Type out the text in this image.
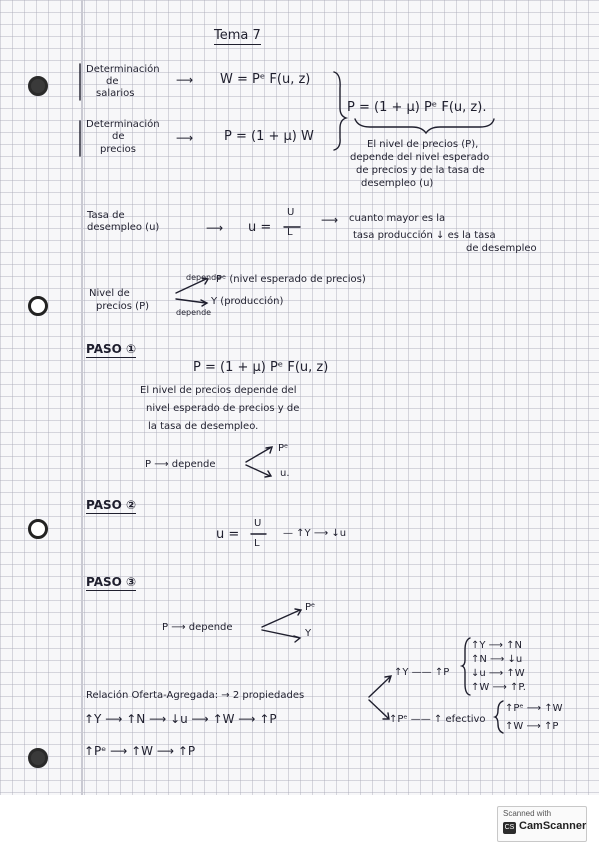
Tema 7
Determinación
de
salarios
⟶ W = Pᵉ F(u, z)
Determinación
de
precios
⟶ P = (1 + μ) W
P = (1 + μ) Pᵉ F(u, z).
El nivel de precios (P),
depende del nivel esperado
de precios y de la tasa de
desempleo (u)
Tasa de
desempleo (u)	⟶ u =
U
L
⟶ cuanto mayor es la
tasa producción ↓ es la tasa
de desempleo
Nivel de
precios (P)
depende
depende
Pᵉ (nivel esperado de precios)
Y (producción)
PASO ①
P = (1 + μ) Pᵉ F(u, z)
El nivel de precios depende del
nivel esperado de precios y de
la tasa de desempleo.
P ⟶ depende
Pᵉ
u.
PASO ②
u =
U
L
— ↑Y ⟶ ↓u
PASO ③
P ⟶ depende
Pᵉ
Y
Relación Oferta-Agregada: → 2 propiedades
↑Y ⟶ ↑N ⟶ ↓u ⟶ ↑W ⟶ ↑P
↑Pᵉ ⟶ ↑W ⟶ ↑P
↑Y —— ↑P
↑Y ⟶ ↑N
↑N ⟶ ↓u
↓u ⟶ ↑W
↑W ⟶ ↑P.
↑Pᵉ —— ↑ efectivo
↑Pᵉ ⟶ ↑W
↑W ⟶ ↑P
Scanned with
CS CamScanner
